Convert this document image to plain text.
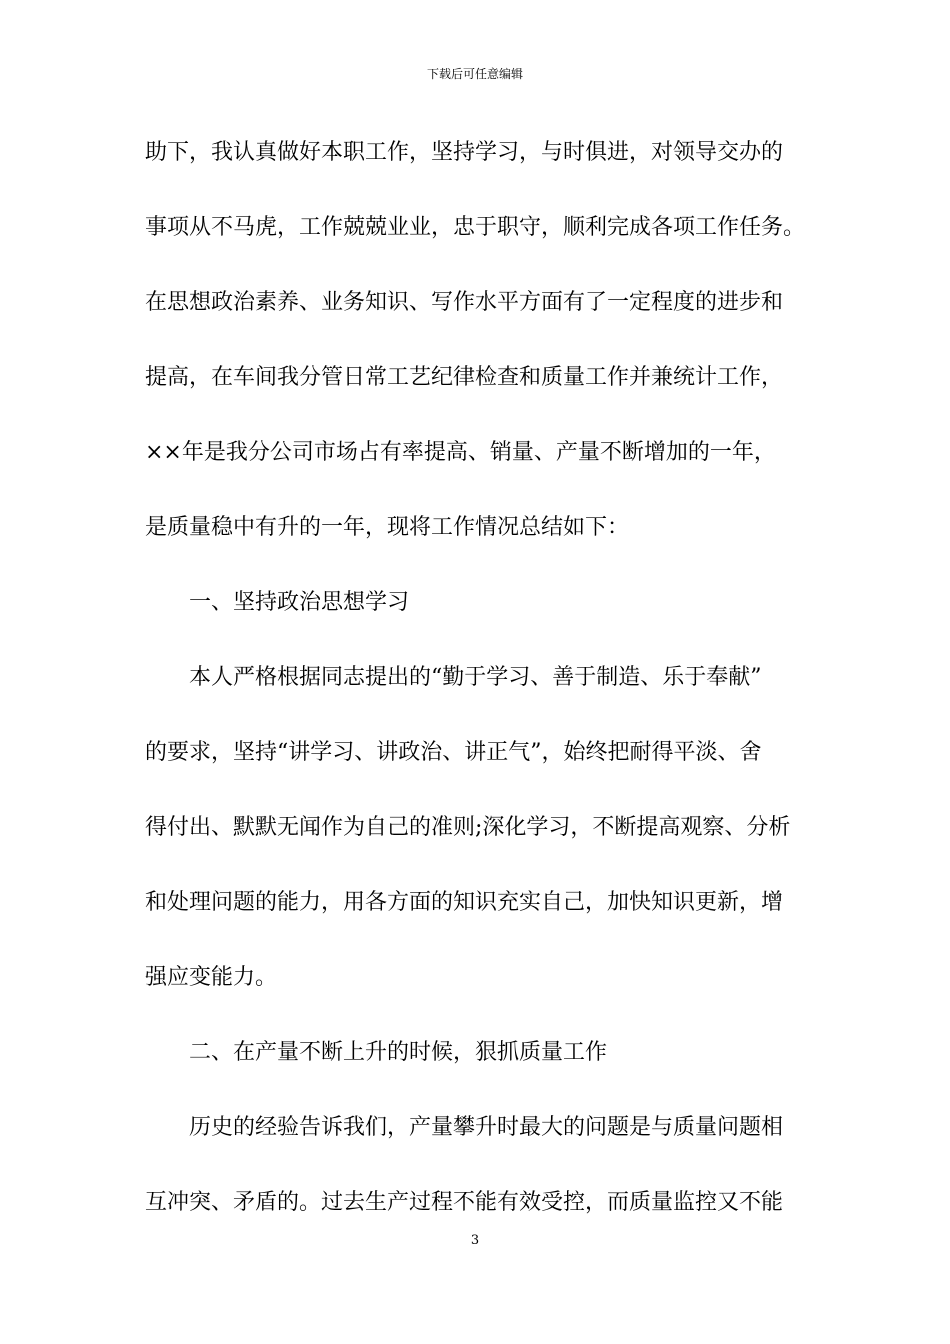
下载后可任意编辑
助下，我认真做好本职工作，坚持学习，与时俱进，对领导交办的
事项从不马虎，工作兢兢业业，忠于职守，顺利完成各项工作任务。
在思想政治素养、业务知识、写作水平方面有了一定程度的进步和
提高，在车间我分管日常工艺纪律检查和质量工作并兼统计工作，
××年是我分公司市场占有率提高、销量、产量不断增加的一年，
是质量稳中有升的一年，现将工作情况总结如下：
一、坚持政治思想学习
本人严格根据同志提出的“勤于学习、善于制造、乐于奉献”
的要求，坚持“讲学习、讲政治、讲正气”，始终把耐得平淡、舍
得付出、默默无闻作为自己的准则;深化学习，不断提高观察、分析
和处理问题的能力，用各方面的知识充实自己，加快知识更新，增
强应变能力。
二、在产量不断上升的时候，狠抓质量工作
历史的经验告诉我们，产量攀升时最大的问题是与质量问题相
互冲突、矛盾的。过去生产过程不能有效受控，而质量监控又不能
3
